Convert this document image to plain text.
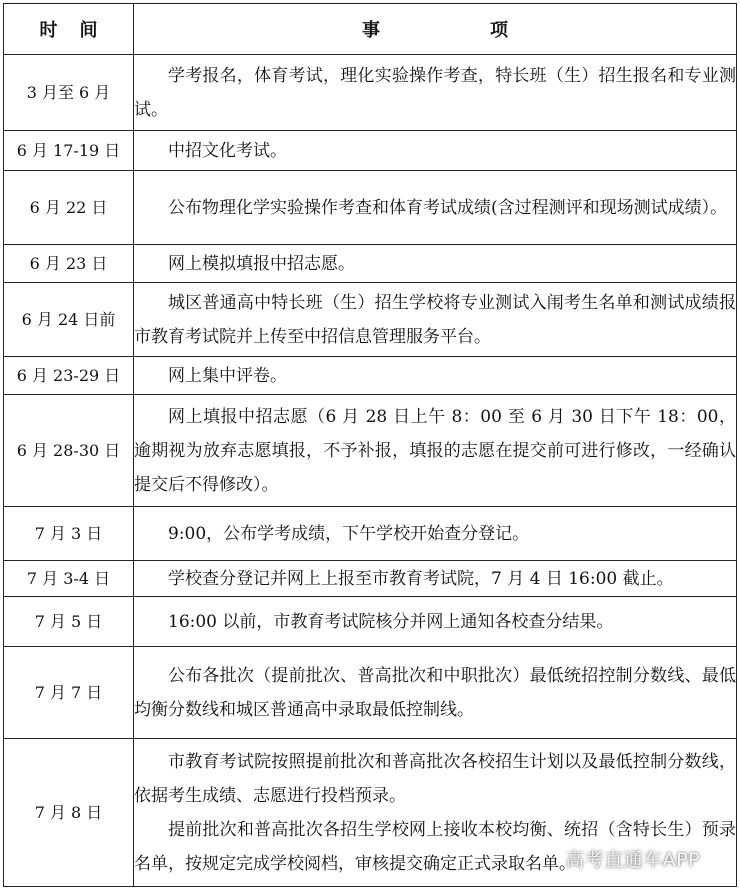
时 间	事 项
3 月至 6 月	学考报名，体育考试，理化实验操作考查，特长班（生）招生报名和专业测试。

6 月 17-19 日	中招文化考试。

6 月 22 日	公布物理化学实验操作考查和体育考试成绩(含过程测评和现场测试成绩）。

6 月 23 日	网上模拟填报中招志愿。

6 月 24 日前	城区普通高中特长班（生）招生学校将专业测试入闱考生名单和测试成绩报市教育考试院并上传至中招信息管理服务平台。

6 月 23-29 日	网上集中评卷。

6 月 28-30 日	网上填报中招志愿（6 月 28 日上午 8：00 至 6 月 30 日下午 18：00，逾期视为放弃志愿填报，不予补报，填报的志愿在提交前可进行修改，一经确认提交后不得修改）。

7 月 3 日	9:00，公布学考成绩，下午学校开始查分登记。

7 月 3-4 日	学校查分登记并网上上报至市教育考试院，7 月 4 日 16:00 截止。

7 月 5 日	16:00 以前，市教育考试院核分并网上通知各校查分结果。

7 月 7 日	公布各批次（提前批次、普高批次和中职批次）最低统招控制分数线、最低均衡分数线和城区普通高中录取最低控制线。

7 月 8 日	市教育考试院按照提前批次和普高批次各校招生计划以及最低控制分数线，依据考生成绩、志愿进行投档预录。

提前批次和普高批次各招生学校网上接收本校均衡、统招（含特长生）预录名单，按规定完成学校阅档，审核提交确定正式录取名单。

高考直通车APP
